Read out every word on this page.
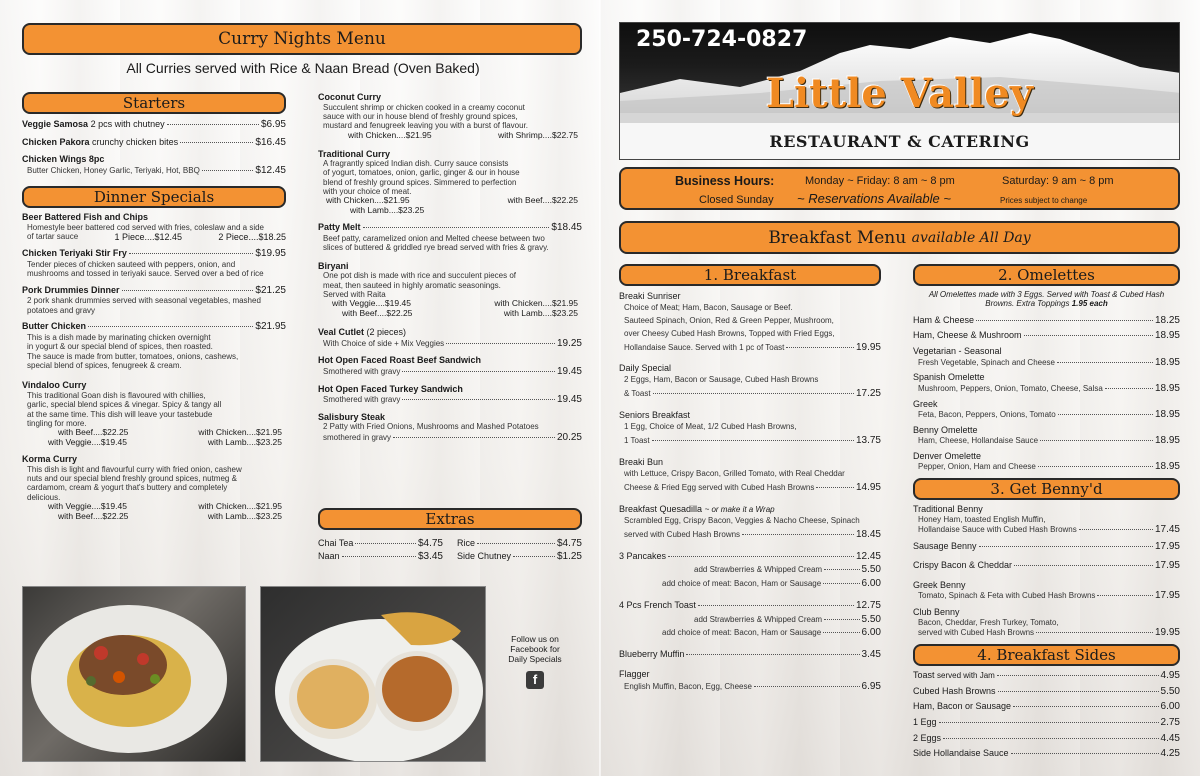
Curry Nights Menu
All Curries served with Rice & Naan Bread (Oven Baked)
Starters
Veggie Samosa 2 pcs with chutney	$6.95
Chicken Pakora crunchy chicken bites	$16.45
Chicken Wings 8pc
Butter Chicken, Honey Garlic, Teriyaki, Hot, BBQ	$12.45
Dinner Specials
Beer Battered Fish and Chips
Homestyle beer battered cod served with fries, coleslaw and a side
of tartar sauce	1 Piece....$12.45	2 Piece....$18.25
Chicken Teriyaki Stir Fry	$19.95
Tender pieces of chicken sauteed with peppers, onion, and
mushrooms and tossed in teriyaki sauce. Served over a bed of rice
Pork Drummies Dinner	$21.25
2 pork shank drummies served with seasonal vegetables, mashed
potatoes and gravy
Butter Chicken	$21.95
This is a dish made by marinating chicken overnight
in yogurt & our special blend of spices, then roasted.
The sauce is made from butter, tomatoes, onions, cashews,
special blend of spices, fenugreek & cream.
Vindaloo Curry
This traditional Goan dish is flavoured with chillies,
garlic, special blend spices & vinegar. Spicy & tangy all
at the same time. This dish will leave your tastebude
tingling for more.
with Beef....$22.25	with Chicken....$21.95
with Veggie....$19.45	with Lamb....$23.25
Korma Curry
This dish is light and flavourful curry with fried onion, cashew
nuts and our special blend freshly ground spices, nutmeg &
cardamom, cream & yogurt that's buttery and completely
delicious.
with Veggie....$19.45	with Chicken....$21.95
with Beef....$22.25	with Lamb....$23.25
Coconut Curry
Succulent shrimp or chicken cooked in a creamy coconut
sauce with our in house blend of freshly ground spices,
mustard and fenugreek leaving you with a burst of flavour.
with Chicken....$21.95	with Shrimp....$22.75
Traditional Curry
A fragrantly spiced Indian dish. Curry sauce consists
of yogurt, tomatoes, onion, garlic, ginger & our in house
blend of freshly ground spices. Simmered to perfection
with your choice of meat.
with Chicken....$21.95	with Beef....$22.25
with Lamb....$23.25
Patty Melt	$18.45
Beef patty, caramelized onion and Melted cheese between two
slices of buttered & griddled rye bread served with fries & gravy.
Biryani
One pot dish is made with rice and succulent pieces of
meat, then sauteed in highly aromatic seasonings.
Served with Raita
with Veggie....$19.45	with Chicken....$21.95
with Beef....$22.25	with Lamb....$23.25
Veal Cutlet (2 pieces)
With Choice of side + Mix Veggies	19.25
Hot Open Faced Roast Beef Sandwich
Smothered with gravy	19.45
Hot Open Faced Turkey Sandwich
Smothered with gravy	19.45
Salisbury Steak
2 Patty with Fried Onions, Mushrooms and Mashed Potatoes
smothered in gravy	20.25
Extras
Chai Tea	$4.75 Rice	$4.75
Naan	$3.45 Side Chutney	$1.25
Follow us on
Facebook for
Daily Specials
f
250-724-0827
Little Valley
RESTAURANT & CATERING
Business Hours:	Monday ~ Friday: 8 am ~ 8 pm	Saturday: 9 am ~ 8 pm
Closed Sunday ~ Reservations Available ~	Prices subject to change
Breakfast Menu
available All Day
1. Breakfast
Breaki Sunriser
Choice of Meat; Ham, Bacon, Sausage or Beef.
Sauteed Spinach, Onion, Red & Green Pepper, Mushroom,
over Cheesy Cubed Hash Browns, Topped with Fried Eggs,
Hollandaise Sauce. Served with 1 pc of Toast	19.95
Daily Special
2 Eggs, Ham, Bacon or Sausage, Cubed Hash Browns
& Toast	17.25
Seniors Breakfast
1 Egg, Choice of Meat, 1/2 Cubed Hash Browns,
1 Toast	13.75
Breaki Bun
with Lettuce, Crispy Bacon, Grilled Tomato, with Real Cheddar
Cheese & Fried Egg served with Cubed Hash Browns	14.95
Breakfast Quesadilla ~ or make it a Wrap
Scrambled Egg, Crispy Bacon, Veggies & Nacho Cheese, Spinach
served with Cubed Hash Browns	18.45
3 Pancakes	12.45
add Strawberries & Whipped Cream	5.50
add choice of meat: Bacon, Ham or Sausage	6.00
4 Pcs French Toast	12.75
add Strawberries & Whipped Cream	5.50
add choice of meat: Bacon, Ham or Sausage	6.00
Blueberry Muffin	3.45
Flagger
English Muffin, Bacon, Egg, Cheese	6.95
2. Omelettes
All Omelettes made with 3 Eggs. Served with Toast & Cubed Hash
Browns. Extra Toppings 1.95 each
Ham & Cheese	18.25
Ham, Cheese & Mushroom	18.95
Vegetarian - Seasonal
Fresh Vegetable, Spinach and Cheese	18.95
Spanish Omelette
Mushroom, Peppers, Onion, Tomato, Cheese, Salsa	18.95
Greek
Feta, Bacon, Peppers, Onions, Tomato	18.95
Benny Omelette
Ham, Cheese, Hollandaise Sauce	18.95
Denver Omelette
Pepper, Onion, Ham and Cheese	18.95
3. Get Benny'd
Traditional Benny
Honey Ham, toasted English Muffin,
Hollandaise Sauce with Cubed Hash Browns	17.45
Sausage Benny	17.95
Crispy Bacon & Cheddar	17.95
Greek Benny
Tomato, Spinach & Feta with Cubed Hash Browns	17.95
Club Benny
Bacon, Cheddar, Fresh Turkey, Tomato,
served with Cubed Hash Browns	19.95
4. Breakfast Sides
Toast served with Jam	4.95
Cubed Hash Browns	5.50
Ham, Bacon or Sausage	6.00
1 Egg	2.75
2 Eggs	4.45
Side Hollandaise Sauce	4.25
